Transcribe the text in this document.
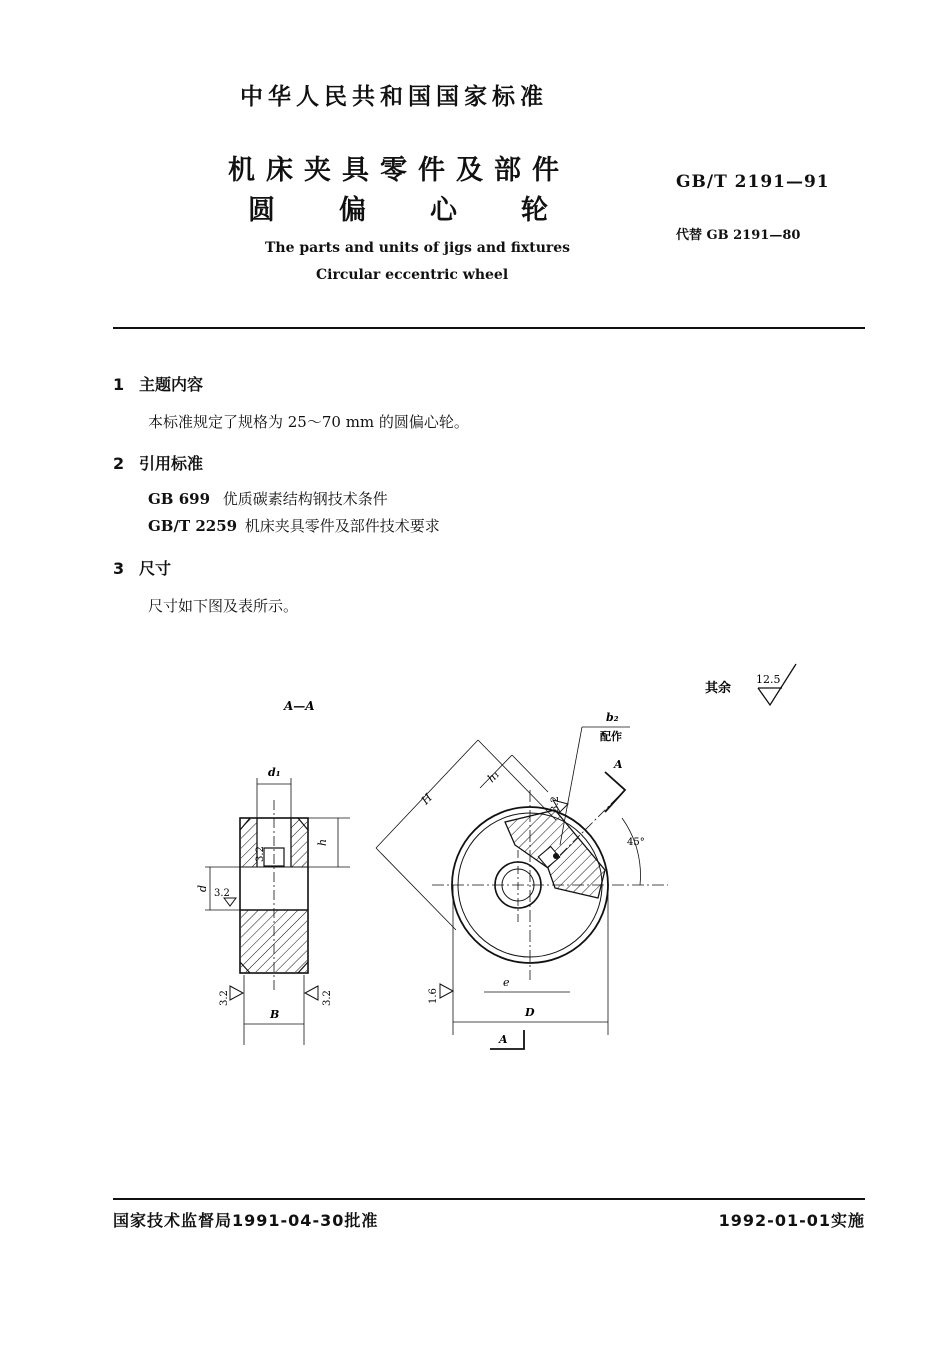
中华人民共和国国家标准
机床夹具零件及部件
圆 偏 心 轮
The parts and units of jigs and fixtures
Circular eccentric wheel
GB/T 2191—91
代替 GB 2191—80
1 主题内容
本标准规定了规格为 25～70 mm 的圆偏心轮。
2 引用标准
GB 699 优质碳素结构钢技术条件
GB/T 2259 机床夹具零件及部件技术要求
3 尺寸
尺寸如下图及表所示。
其余
12.5
A—A
d₁
h
d
3.2
3.2
B
3.2	3.2
H
h₁
3.2
b₂
配作
A
45°
e
D
1.6
A
国家技术监督局1991-04-30批准	1992-01-01实施
